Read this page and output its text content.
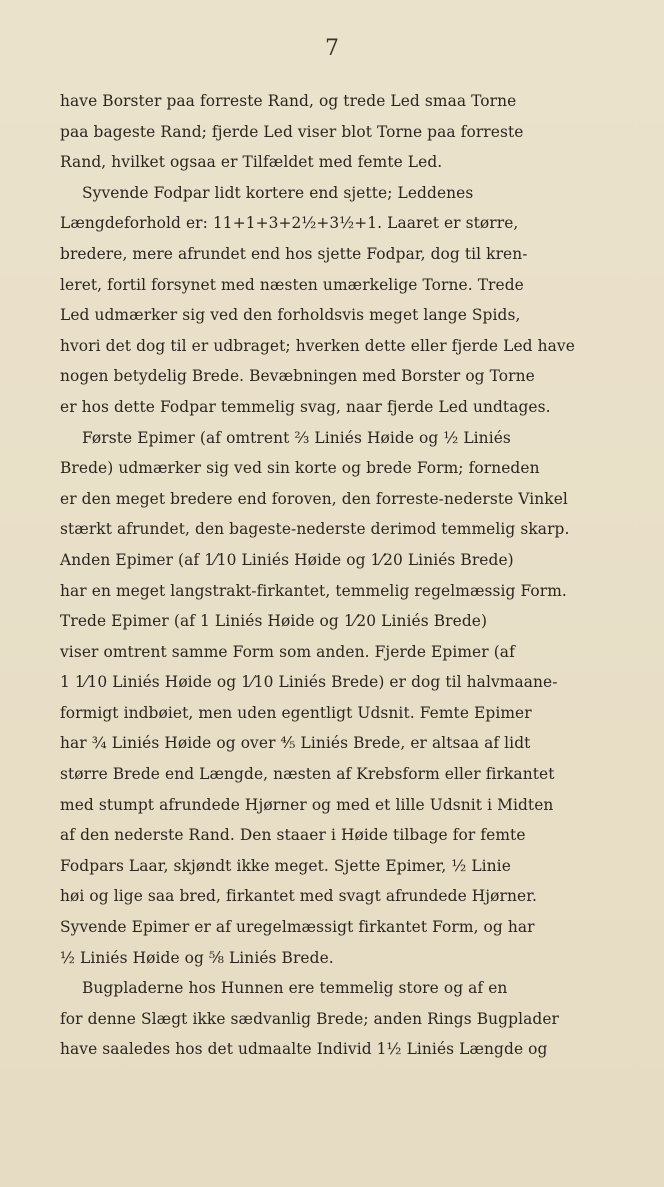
7
have Borster paa forreste Rand, og trede Led smaa Torne
paa bageste Rand; fjerde Led viser blot Torne paa forreste
Rand, hvilket ogsaa er Tilfældet med femte Led.
Syvende Fodpar lidt kortere end sjette; Leddenes
Længdeforhold er: 11+1+3+2½+3½+1. Laaret er større,
bredere, mere afrundet end hos sjette Fodpar, dog til kren-
leret, fortil forsynet med næsten umærkelige Torne. Trede
Led udmærker sig ved den forholdsvis meget lange Spids,
hvori det dog til er udbraget; hverken dette eller fjerde Led have
nogen betydelig Brede. Bevæbningen med Borster og Torne
er hos dette Fodpar temmelig svag, naar fjerde Led undtages.
Første Epimer (af omtrent ⅔ Liniés Høide og ½ Liniés
Brede) udmærker sig ved sin korte og brede Form; forneden
er den meget bredere end foroven, den forreste-nederste Vinkel
stærkt afrundet, den bageste-nederste derimod temmelig skarp.
Anden Epimer (af 1⁄10 Liniés Høide og 1⁄20 Liniés Brede)
har en meget langstrakt-firkantet, temmelig regelmæssig Form.
Trede Epimer (af 1 Liniés Høide og 1⁄20 Liniés Brede)
viser omtrent samme Form som anden. Fjerde Epimer (af
1 1⁄10 Liniés Høide og 1⁄10 Liniés Brede) er dog til halvmaane-
formigt indbøiet, men uden egentligt Udsnit. Femte Epimer
har ¾ Liniés Høide og over ⅘ Liniés Brede, er altsaa af lidt
større Brede end Længde, næsten af Krebsform eller firkantet
med stumpt afrundede Hjørner og med et lille Udsnit i Midten
af den nederste Rand. Den staaer i Høide tilbage for femte
Fodpars Laar, skjøndt ikke meget. Sjette Epimer, ½ Linie
høi og lige saa bred, firkantet med svagt afrundede Hjørner.
Syvende Epimer er af uregelmæssigt firkantet Form, og har
½ Liniés Høide og ⅝ Liniés Brede.
Bugpladerne hos Hunnen ere temmelig store og af en
for denne Slægt ikke sædvanlig Brede; anden Rings Bugplader
have saaledes hos det udmaalte Individ 1½ Liniés Længde og
